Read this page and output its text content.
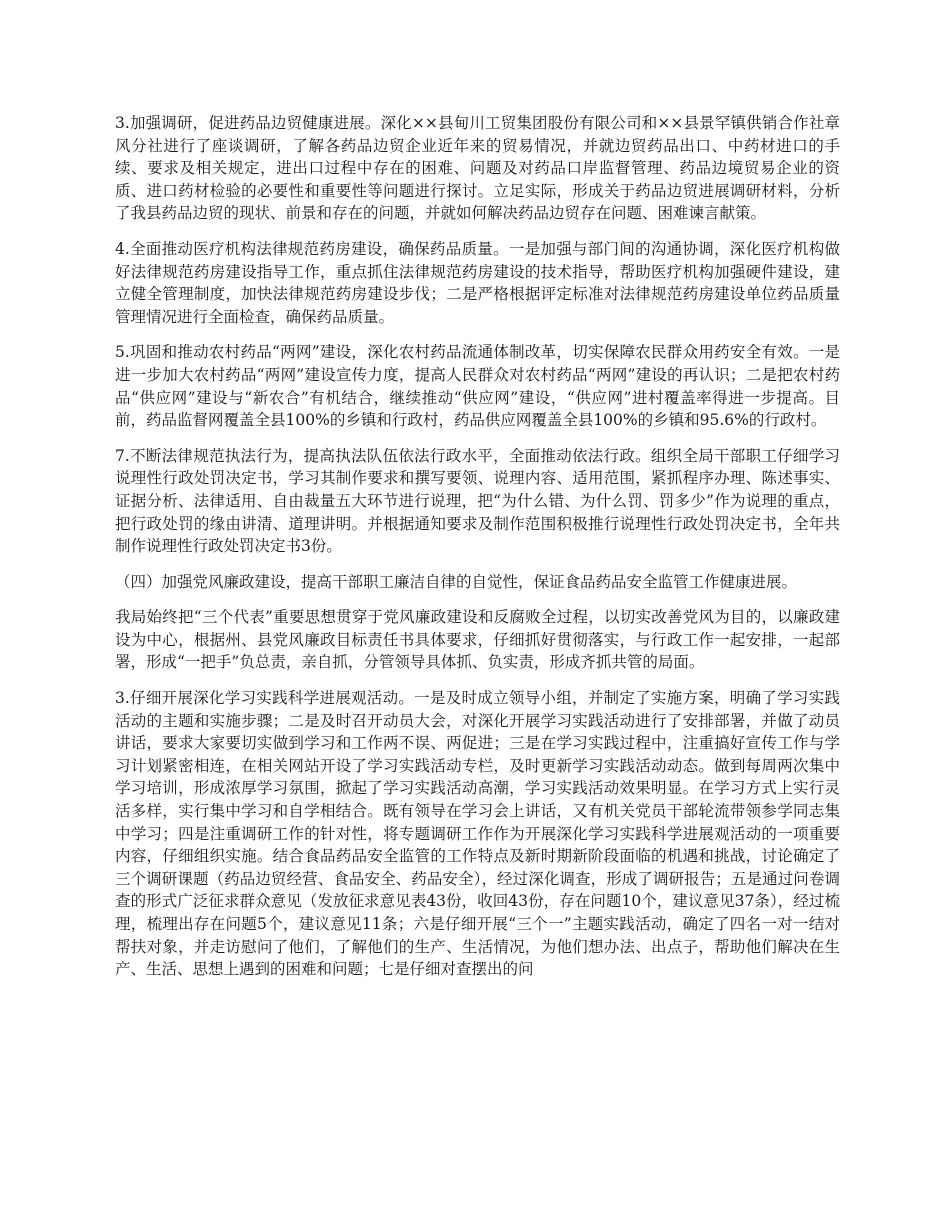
3.加强调研，促进药品边贸健康进展。深化××县甸川工贸集团股份有限公司和××县景罕镇供销合作社章风分社进行了座谈调研，了解各药品边贸企业近年来的贸易情况，并就边贸药品出口、中药材进口的手续、要求及相关规定，进出口过程中存在的困难、问题及对药品口岸监督管理、药品边境贸易企业的资质、进口药材检验的必要性和重要性等问题进行探讨。立足实际，形成关于药品边贸进展调研材料，分析了我县药品边贸的现状、前景和存在的问题，并就如何解决药品边贸存在问题、困难谏言献策。

4.全面推动医疗机构法律规范药房建设，确保药品质量。一是加强与部门间的沟通协调，深化医疗机构做好法律规范药房建设指导工作，重点抓住法律规范药房建设的技术指导，帮助医疗机构加强硬件建设，建立健全管理制度，加快法律规范药房建设步伐；二是严格根据评定标准对法律规范药房建设单位药品质量管理情况进行全面检查，确保药品质量。

5.巩固和推动农村药品“两网”建设，深化农村药品流通体制改革，切实保障农民群众用药安全有效。一是进一步加大农村药品“两网”建设宣传力度，提高人民群众对农村药品“两网”建设的再认识；二是把农村药品“供应网”建设与“新农合”有机结合，继续推动“供应网”建设，“供应网”进村覆盖率得进一步提高。目前，药品监督网覆盖全县100%的乡镇和行政村，药品供应网覆盖全县100%的乡镇和95.6%的行政村。

7.不断法律规范执法行为，提高执法队伍依法行政水平，全面推动依法行政。组织全局干部职工仔细学习说理性行政处罚决定书，学习其制作要求和撰写要领、说理内容、适用范围，紧抓程序办理、陈述事实、证据分析、法律适用、自由裁量五大环节进行说理，把“为什么错、为什么罚、罚多少”作为说理的重点，把行政处罚的缘由讲清、道理讲明。并根据通知要求及制作范围积极推行说理性行政处罚决定书，全年共制作说理性行政处罚决定书3份。

（四）加强党风廉政建设，提高干部职工廉洁自律的自觉性，保证食品药品安全监管工作健康进展。

我局始终把“三个代表”重要思想贯穿于党风廉政建设和反腐败全过程，以切实改善党风为目的，以廉政建设为中心，根据州、县党风廉政目标责任书具体要求，仔细抓好贯彻落实，与行政工作一起安排，一起部署，形成“一把手”负总责，亲自抓，分管领导具体抓、负实责，形成齐抓共管的局面。

3.仔细开展深化学习实践科学进展观活动。一是及时成立领导小组，并制定了实施方案，明确了学习实践活动的主题和实施步骤；二是及时召开动员大会，对深化开展学习实践活动进行了安排部署，并做了动员讲话，要求大家要切实做到学习和工作两不误、两促进；三是在学习实践过程中，注重搞好宣传工作与学习计划紧密相连，在相关网站开设了学习实践活动专栏，及时更新学习实践活动动态。做到每周两次集中学习培训，形成浓厚学习氛围，掀起了学习实践活动高潮，学习实践活动效果明显。在学习方式上实行灵活多样，实行集中学习和自学相结合。既有领导在学习会上讲话，又有机关党员干部轮流带领参学同志集中学习；四是注重调研工作的针对性，将专题调研工作作为开展深化学习实践科学进展观活动的一项重要内容，仔细组织实施。结合食品药品安全监管的工作特点及新时期新阶段面临的机遇和挑战，讨论确定了三个调研课题（药品边贸经营、食品安全、药品安全），经过深化调查，形成了调研报告；五是通过问卷调查的形式广泛征求群众意见（发放征求意见表43份，收回43份，存在问题10个，建议意见37条），经过梳理，梳理出存在问题5个，建议意见11条；六是仔细开展“三个一”主题实践活动，确定了四名一对一结对帮扶对象，并走访慰问了他们，了解他们的生产、生活情况，为他们想办法、出点子，帮助他们解决在生产、生活、思想上遇到的困难和问题；七是仔细对查摆出的问
